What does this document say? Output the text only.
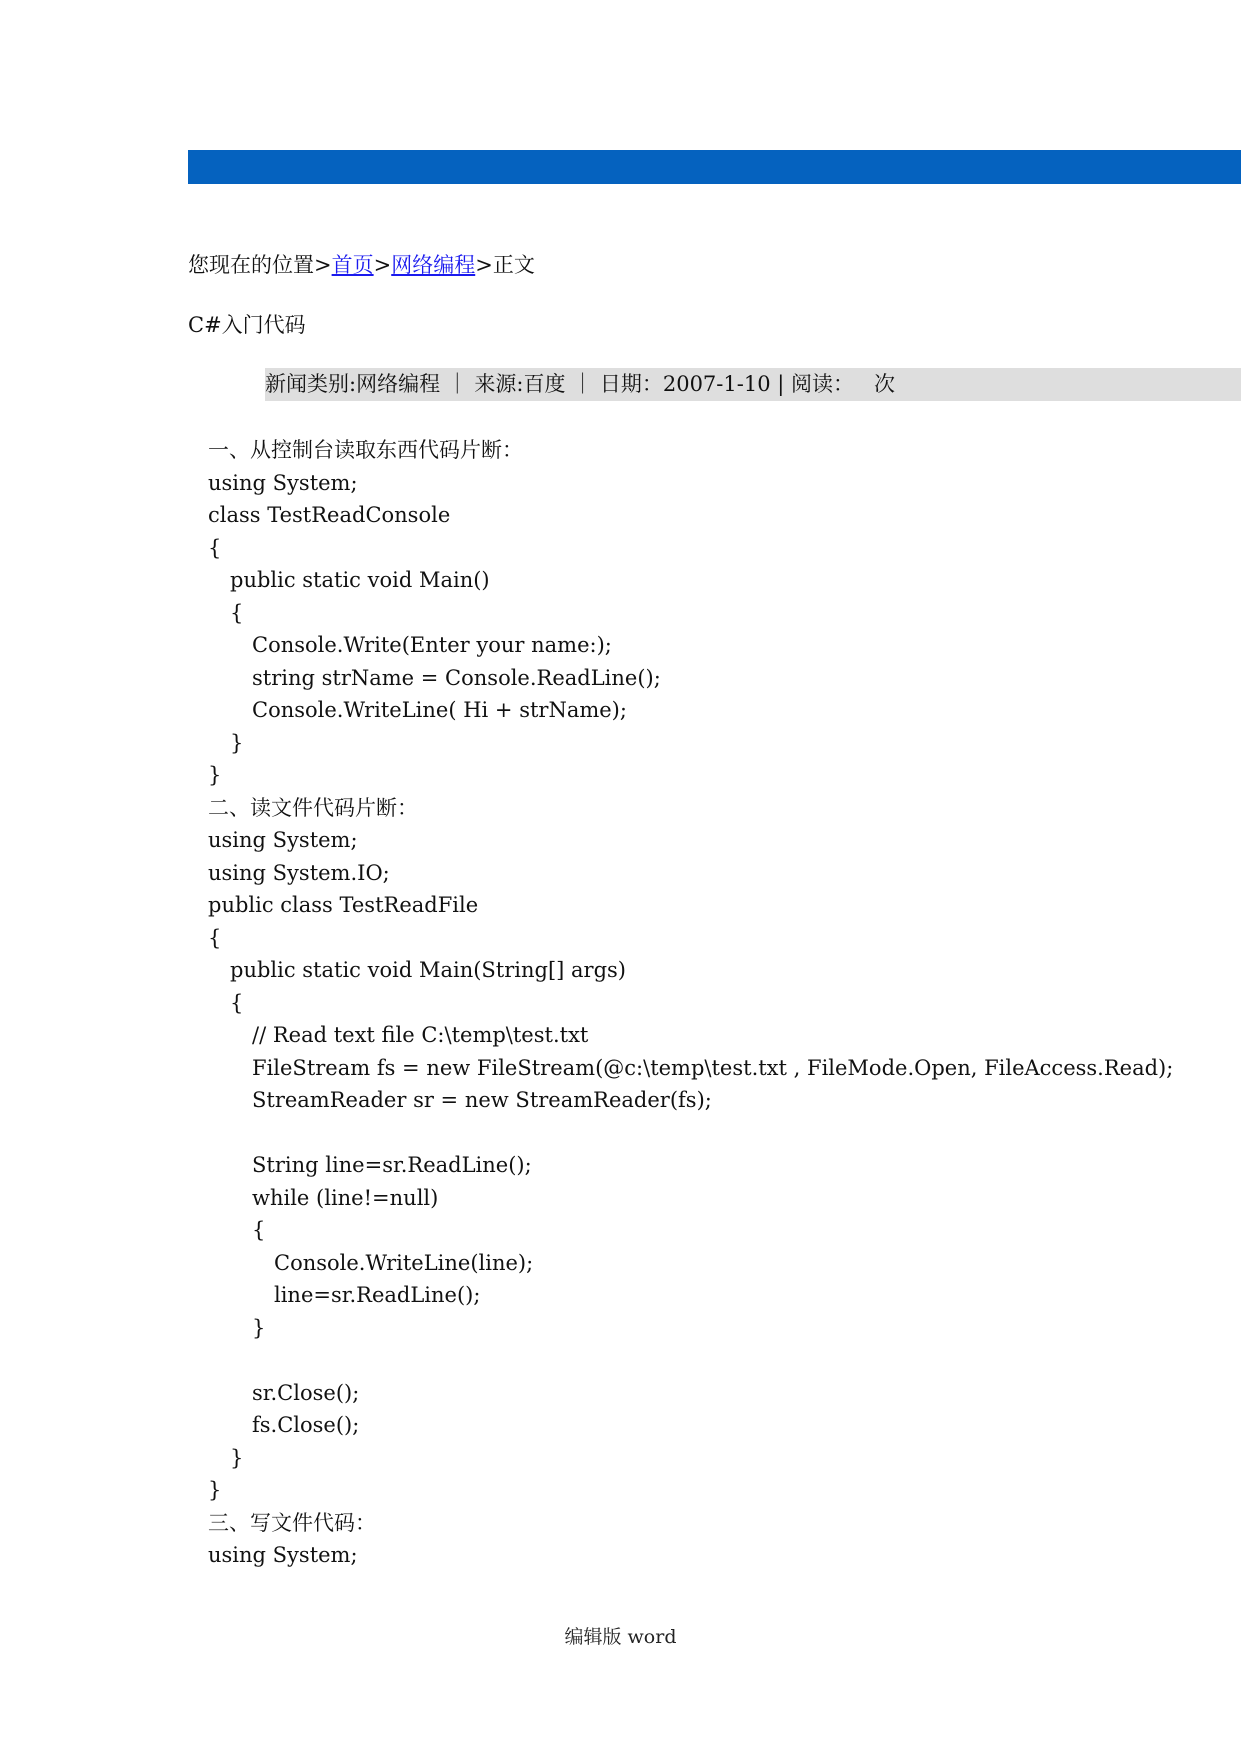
您现在的位置>首页>网络编程>正文
C#入门代码
新闻类别:网络编程 ｜ 来源:百度 ｜ 日期：2007-1-10 | 阅读：   次
一、从控制台读取东西代码片断：
using System;
class TestReadConsole
{
public static void Main()
{
Console.Write(Enter your name:);
string strName = Console.ReadLine();
Console.WriteLine( Hi + strName);
}
}
二、读文件代码片断：
using System;
using System.IO;
public class TestReadFile
{
public static void Main(String[] args)
{
// Read text file C:\temp\test.txt
FileStream fs = new FileStream(@c:\temp\test.txt , FileMode.Open, FileAccess.Read);
StreamReader sr = new StreamReader(fs);
String line=sr.ReadLine();
while (line!=null)
{
Console.WriteLine(line);
line=sr.ReadLine();
}
sr.Close();
fs.Close();
}
}
三、写文件代码：
using System;
编辑版 word
